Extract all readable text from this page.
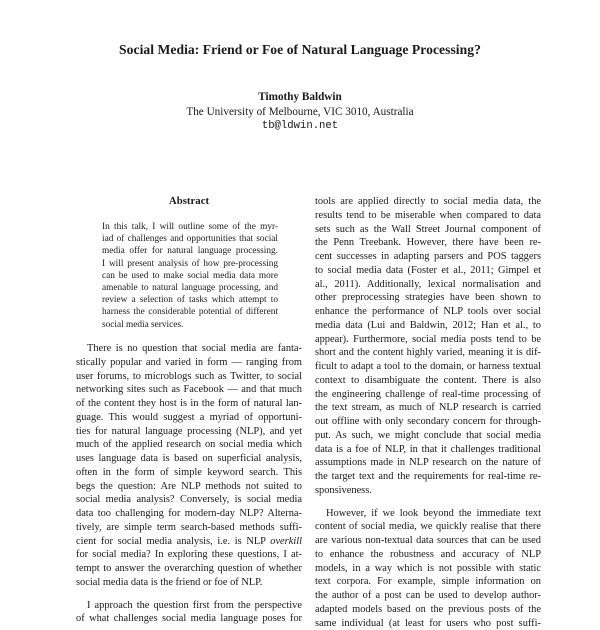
Social Media: Friend or Foe of Natural Language Processing?
Timothy Baldwin
The University of Melbourne, VIC 3010, Australia
tb@ldwin.net
Abstract
In this talk, I will outline some of the myr-
iad of challenges and opportunities that social
media offer for natural language processing.
I will present analysis of how pre-processing
can be used to make social media data more
amenable to natural language processing, and
review a selection of tasks which attempt to
harness the considerable potential of different
social media services.
There is no question that social media are fanta-
stically popular and varied in form — ranging from
user forums, to microblogs such as Twitter, to social
networking sites such as Facebook — and that much
of the content they host is in the form of natural lan-
guage. This would suggest a myriad of opportuni-
ties for natural language processing (NLP), and yet
much of the applied research on social media which
uses language data is based on superficial analysis,
often in the form of simple keyword search. This
begs the question: Are NLP methods not suited to
social media analysis? Conversely, is social media
data too challenging for modern-day NLP? Alterna-
tively, are simple term search-based methods suffi-
cient for social media analysis, i.e. is NLP overkill
for social media? In exploring these questions, I at-
tempt to answer the overarching question of whether
social media data is the friend or foe of NLP.
I approach the question first from the perspective
of what challenges social media language poses for
tools are applied directly to social media data, the
results tend to be miserable when compared to data
sets such as the Wall Street Journal component of
the Penn Treebank. However, there have been re-
cent successes in adapting parsers and POS taggers
to social media data (Foster et al., 2011; Gimpel et
al., 2011). Additionally, lexical normalisation and
other preprocessing strategies have been shown to
enhance the performance of NLP tools over social
media data (Lui and Baldwin, 2012; Han et al., to
appear). Furthermore, social media posts tend to be
short and the content highly varied, meaning it is dif-
ficult to adapt a tool to the domain, or harness textual
context to disambiguate the content. There is also
the engineering challenge of real-time processing of
the text stream, as much of NLP research is carried
out offline with only secondary concern for through-
put. As such, we might conclude that social media
data is a foe of NLP, in that it challenges traditional
assumptions made in NLP research on the nature of
the target text and the requirements for real-time re-
sponsiveness.
However, if we look beyond the immediate text
content of social media, we quickly realise that there
are various non-textual data sources that can be used
to enhance the robustness and accuracy of NLP
models, in a way which is not possible with static
text corpora. For example, simple information on
the author of a post can be used to develop author-
adapted models based on the previous posts of the
same individual (at least for users who post suffi-
